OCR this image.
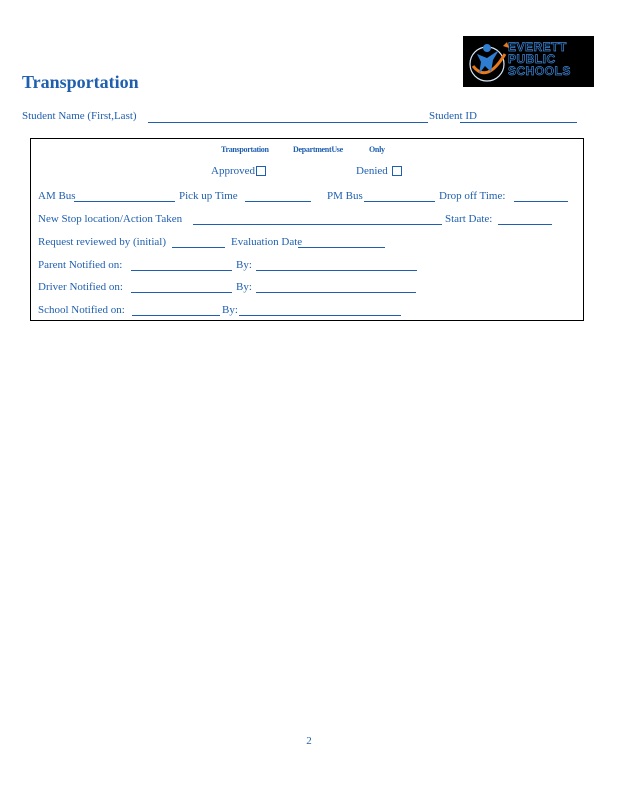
Transportation
EVERETT
PUBLIC
SCHOOLS
Student Name (First,Last)	Student ID
Transportation	DepartmentUse	Only
Approved	Denied
AM Bus	Pick up Time	PM Bus	Drop off Time:
New Stop location/Action Taken	Start Date:
Request reviewed by (initial)	Evaluation Date
Parent Notified on:	By:
Driver Notified on:	By:
School Notified on:	By:
2
